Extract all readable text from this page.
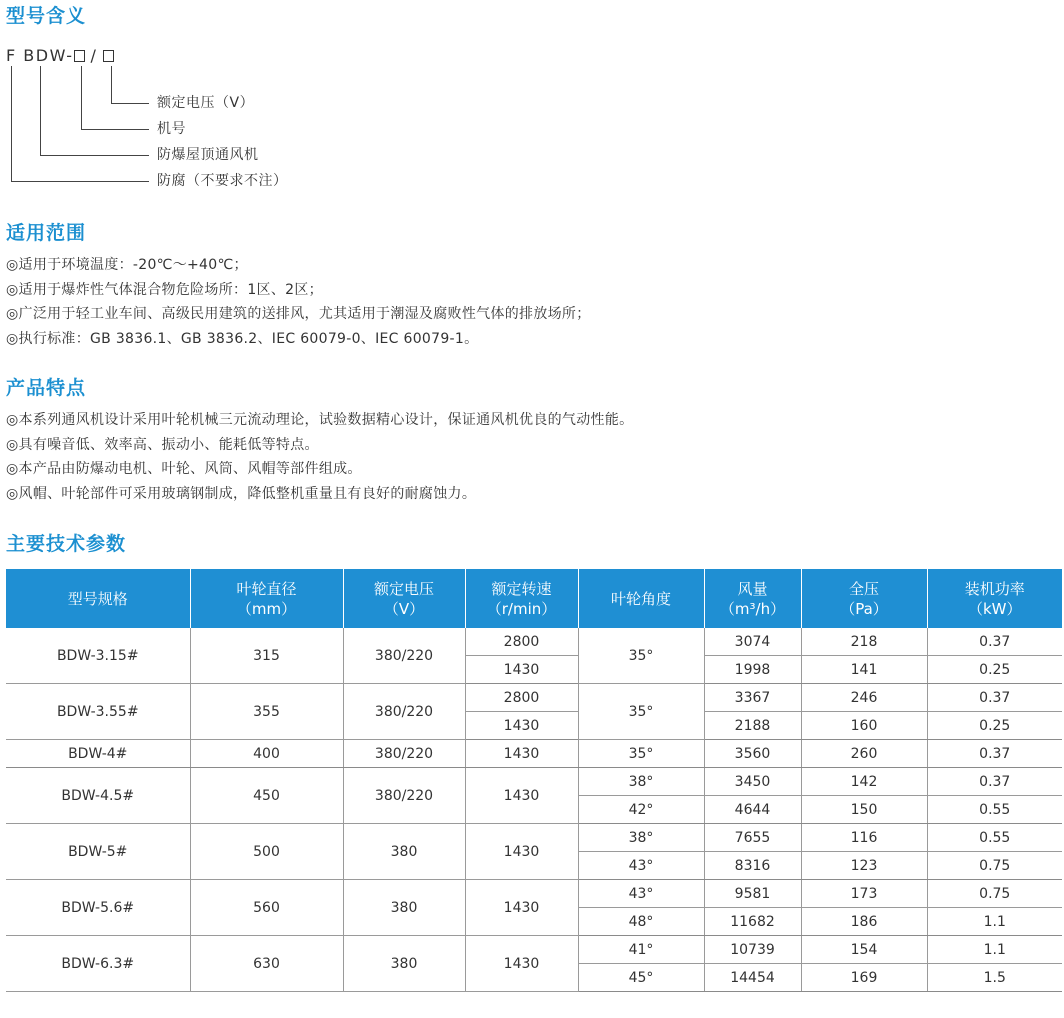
型号含义
F BDW- /
额定电压（V）
机号
防爆屋顶通风机
防腐（不要求不注）
适用范围
◎适用于环境温度：-20℃～+40℃；
◎适用于爆炸性气体混合物危险场所：1区、2区；
◎广泛用于轻工业车间、高级民用建筑的送排风，尤其适用于潮湿及腐败性气体的排放场所；
◎执行标准：GB 3836.1、GB 3836.2、IEC 60079-0、IEC 60079-1。
产品特点
◎本系列通风机设计采用叶轮机械三元流动理论，试验数据精心设计，保证通风机优良的气动性能。
◎具有噪音低、效率高、振动小、能耗低等特点。
◎本产品由防爆动电机、叶轮、风筒、风帽等部件组成。
◎风帽、叶轮部件可采用玻璃钢制成，降低整机重量且有良好的耐腐蚀力。
主要技术参数
型号规格	叶轮直径
（mm）	额定电压
（V）	额定转速
（r/min）	叶轮角度	风量
（m³/h）	全压
（Pa）	装机功率
（kW）

BDW-3.15#	315	380/220	2800	35°	3074	218	0.37
			1430		1998	141	0.25
BDW-3.55#	355	380/220	2800	35°	3367	246	0.37
			1430		2188	160	0.25
BDW-4#	400	380/220	1430	35°	3560	260	0.37
BDW-4.5#	450	380/220	1430	38°	3450	142	0.37
				42°	4644	150	0.55
BDW-5#	500	380	1430	38°	7655	116	0.55
				43°	8316	123	0.75
BDW-5.6#	560	380	1430	43°	9581	173	0.75
				48°	11682	186	1.1
BDW-6.3#	630	380	1430	41°	10739	154	1.1
				45°	14454	169	1.5
